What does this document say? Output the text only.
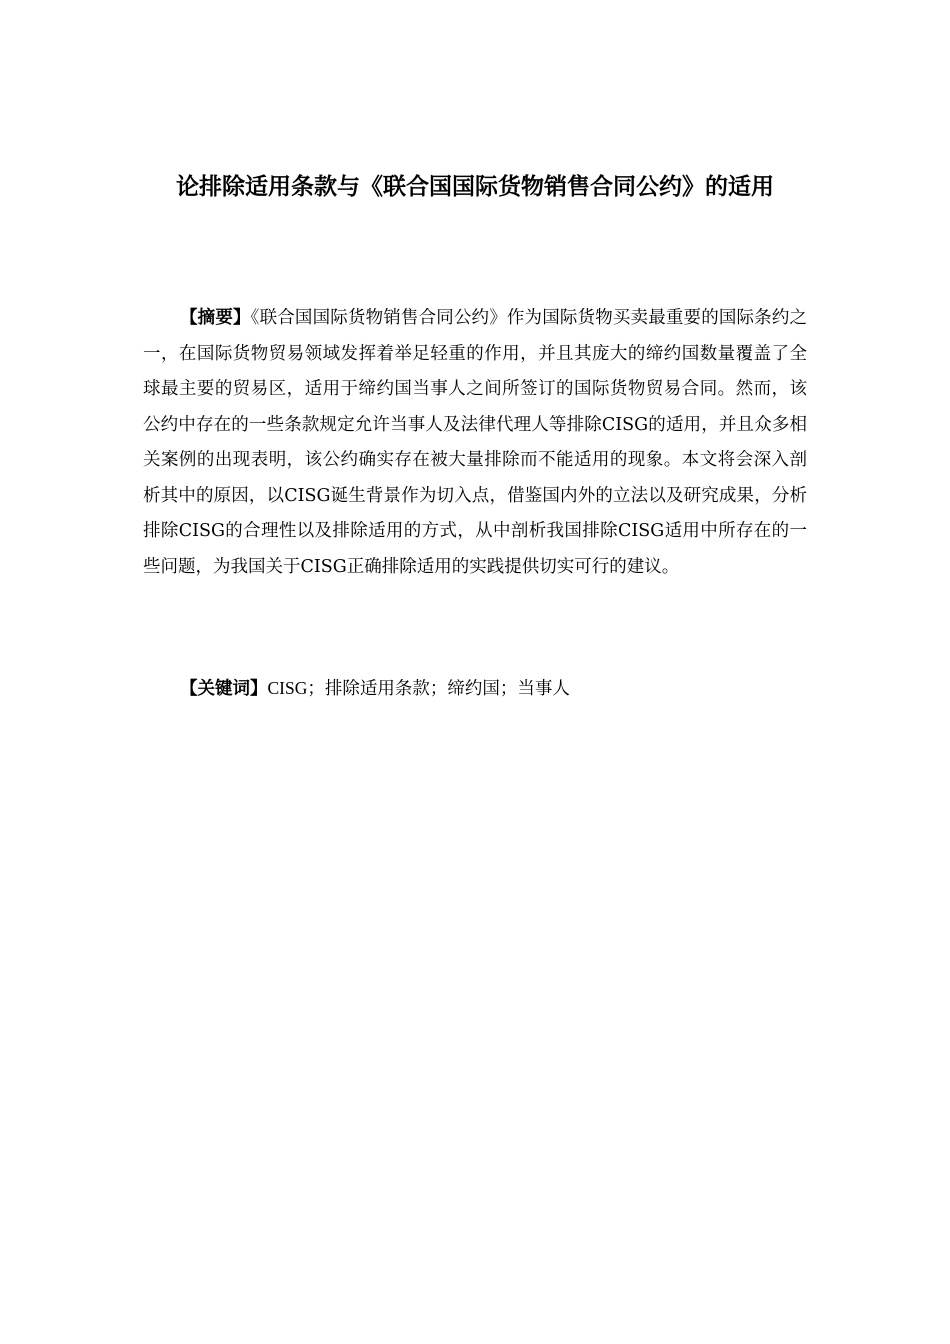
论排除适用条款与《联合国国际货物销售合同公约》的适用

【摘要】《联合国国际货物销售合同公约》作为国际货物买卖最重要的国际条约之一，在国际货物贸易领域发挥着举足轻重的作用，并且其庞大的缔约国数量覆盖了全球最主要的贸易区，适用于缔约国当事人之间所签订的国际货物贸易合同。然而，该公约中存在的一些条款规定允许当事人及法律代理人等排除CISG的适用，并且众多相关案例的出现表明，该公约确实存在被大量排除而不能适用的现象。本文将会深入剖析其中的原因，以CISG诞生背景作为切入点，借鉴国内外的立法以及研究成果，分析排除CISG的合理性以及排除适用的方式，从中剖析我国排除CISG适用中所存在的一些问题，为我国关于CISG正确排除适用的实践提供切实可行的建议。

【关键词】CISG；排除适用条款；缔约国；当事人
